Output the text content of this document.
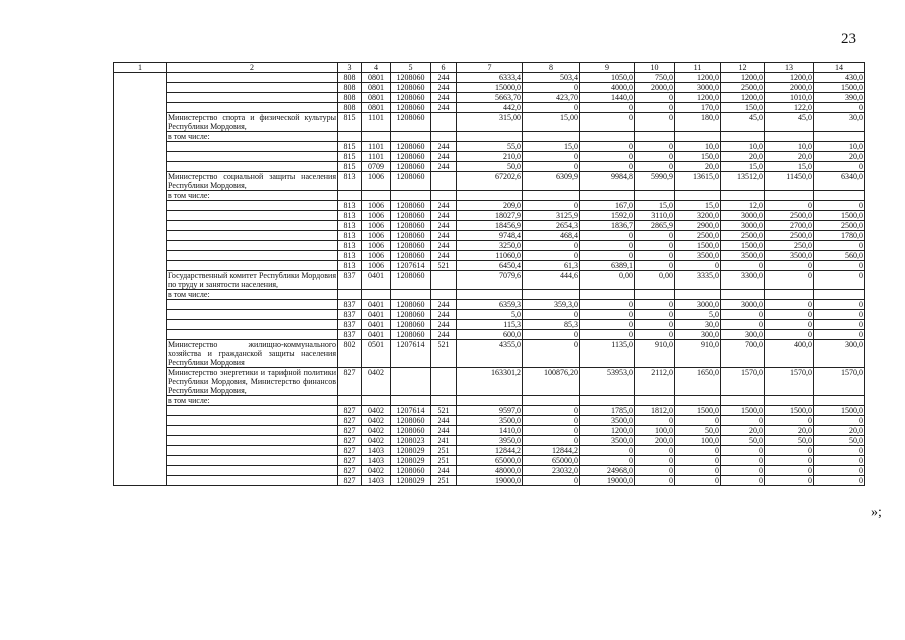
23
1	2	3	4	5	6	7	8	9	10	11	12	13	14
		808	0801	1208060	244	6333,4	503,4	1050,0	750,0	1200,0	1200,0	1200,0	430,0
		808	0801	1208060	244	15000,0	0	4000,0	2000,0	3000,0	2500,0	2000,0	1500,0
		808	0801	1208060	244	5663,70	423,70	1440,0	0	1200,0	1200,0	1010,0	390,0
		808	0801	1208060	244	442,0	0	0	0	170,0	150,0	122,0	0
	Министерство спорта и физической культуры Республики Мордовия,	815	1101	1208060		315,00	15,00	0	0	180,0	45,0	45,0	30,0
	в том числе:												
		815	1101	1208060	244	55,0	15,0	0	0	10,0	10,0	10,0	10,0
		815	1101	1208060	244	210,0	0	0	0	150,0	20,0	20,0	20,0
		815	0709	1208060	244	50,0	0	0	0	20,0	15,0	15,0	0
	Министерство социальной защиты населения Республики Мордовия,	813	1006	1208060		67202,6	6309,9	9984,8	5990,9	13615,0	13512,0	11450,0	6340,0
	в том числе:												
		813	1006	1208060	244	209,0	0	167,0	15,0	15,0	12,0	0	0
		813	1006	1208060	244	18027,9	3125,9	1592,0	3110,0	3200,0	3000,0	2500,0	1500,0
		813	1006	1208060	244	18456,9	2654,3	1836,7	2865,9	2900,0	3000,0	2700,0	2500,0
		813	1006	1208060	244	9748,4	468,4	0	0	2500,0	2500,0	2500,0	1780,0
		813	1006	1208060	244	3250,0	0	0	0	1500,0	1500,0	250,0	0
		813	1006	1208060	244	11060,0	0	0	0	3500,0	3500,0	3500,0	560,0
		813	1006	1207614	521	6450,4	61,3	6389,1	0	0	0	0	0
	Государственный комитет Республики Мордовия по труду и занятости населения,	837	0401	1208060		7079,6	444,6	0,00	0,00	3335,0	3300,0	0	0
	в том числе:												
		837	0401	1208060	244	6359,3	359,3,0	0	0	3000,0	3000,0	0	0
		837	0401	1208060	244	5,0	0	0	0	5,0	0	0	0
		837	0401	1208060	244	115,3	85,3	0	0	30,0	0	0	0
		837	0401	1208060	244	600,0	0	0	0	300,0	300,0	0	0
	Министерство жилищно-коммунального хозяйства и гражданской защиты населения Республики Мордовия	802	0501	1207614	521	4355,0	0	1135,0	910,0	910,0	700,0	400,0	300,0
	Министерство энергетики и тарифной политики Республики Мордовия, Министерство финансов Республики Мордовия,	827	0402			163301,2	100876,20	53953,0	2112,0	1650,0	1570,0	1570,0	1570,0
	в том числе:												
		827	0402	1207614	521	9597,0	0	1785,0	1812,0	1500,0	1500,0	1500,0	1500,0
		827	0402	1208060	244	3500,0	0	3500,0	0	0	0	0	0
		827	0402	1208060	244	1410,0	0	1200,0	100,0	50,0	20,0	20,0	20,0
		827	0402	1208023	241	3950,0	0	3500,0	200,0	100,0	50,0	50,0	50,0
		827	1403	1208029	251	12844,2	12844,2	0	0	0	0	0	0
		827	1403	1208029	251	65000,0	65000,0	0	0	0	0	0	0
		827	0402	1208060	244	48000,0	23032,0	24968,0	0	0	0	0	0
		827	1403	1208029	251	19000,0	0	19000,0	0	0	0	0	0
»;
